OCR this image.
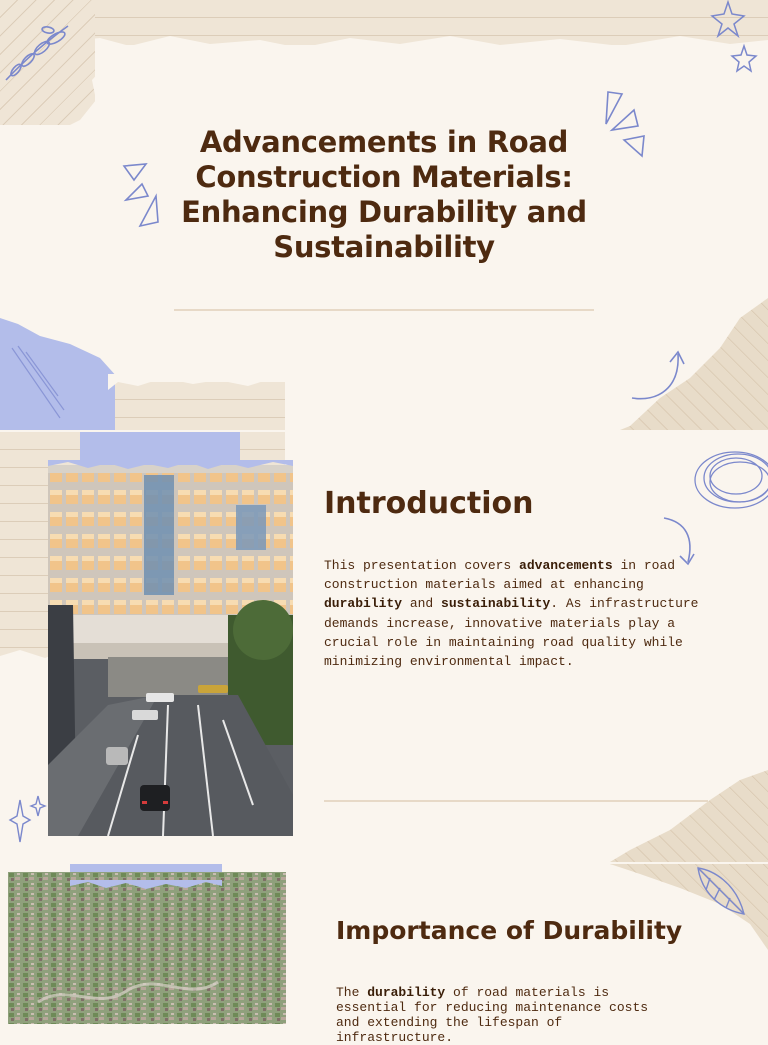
Advancements in Road Construction Materials: Enhancing Durability and Sustainability
Introduction
This presentation covers advancements in road construction materials aimed at enhancing durability and sustainability. As infrastructure demands increase, innovative materials play a crucial role in maintaining road quality while minimizing environmental impact.
Importance of Durability
The durability of road materials is essential for reducing maintenance costs and extending the lifespan of infrastructure.
